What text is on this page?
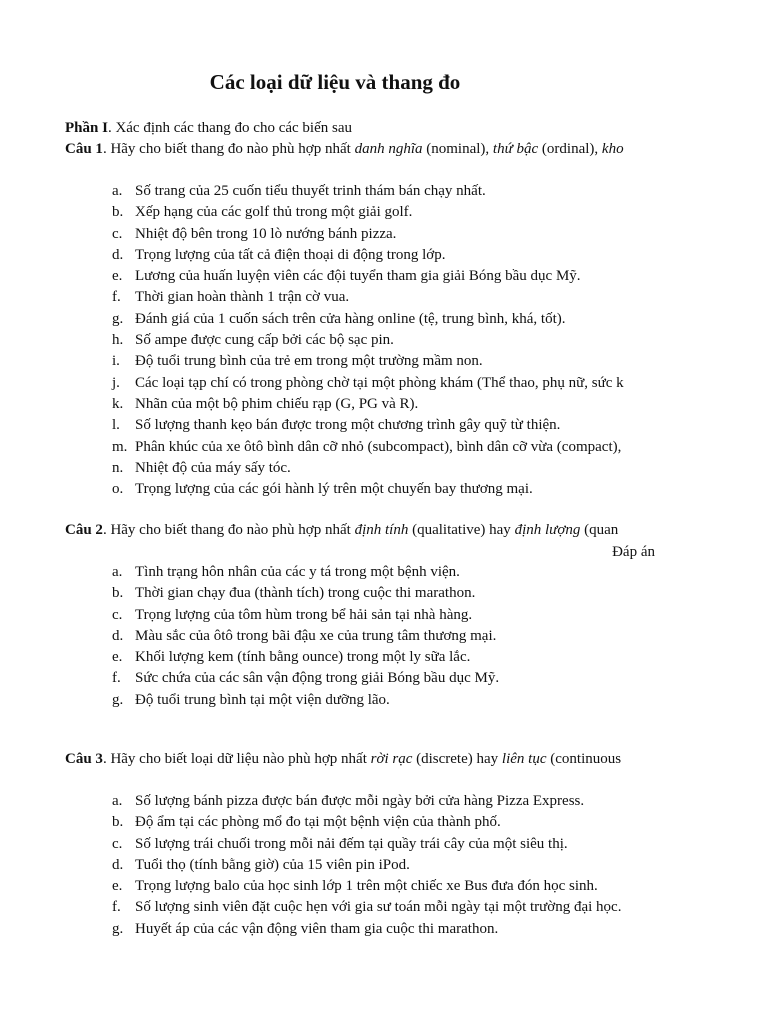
Các loại dữ liệu và thang đo
Phần I. Xác định các thang đo cho các biến sau
Câu 1. Hãy cho biết thang đo nào phù hợp nhất danh nghĩa (nominal), thứ bậc (ordinal), kho
a. Số trang của 25 cuốn tiểu thuyết trinh thám bán chạy nhất.
b. Xếp hạng của các golf thủ trong một giải golf.
c. Nhiệt độ bên trong 10 lò nướng bánh pizza.
d. Trọng lượng của tất cả điện thoại di động trong lớp.
e. Lương của huấn luyện viên các đội tuyển tham gia giải Bóng bầu dục Mỹ.
f. Thời gian hoàn thành 1 trận cờ vua.
g. Đánh giá của 1 cuốn sách trên cửa hàng online (tệ, trung bình, khá, tốt).
h. Số ampe được cung cấp bởi các bộ sạc pin.
i.	Độ tuổi trung bình của trẻ em trong một trường mầm non.
j.	Các loại tạp chí có trong phòng chờ tại một phòng khám (Thể thao, phụ nữ, sức k
k. Nhãn của một bộ phim chiếu rạp (G, PG và R).
l.	Số lượng thanh kẹo bán được trong một chương trình gây quỹ từ thiện.
m. Phân khúc của xe ôtô bình dân cỡ nhỏ (subcompact), bình dân cỡ vừa (compact),
n. Nhiệt độ của máy sấy tóc.
o. Trọng lượng của các gói hành lý trên một chuyến bay thương mại.
Câu 2. Hãy cho biết thang đo nào phù hợp nhất định tính (qualitative) hay định lượng (quan
Đáp án
a. Tình trạng hôn nhân của các y tá trong một bệnh viện.
b. Thời gian chạy đua (thành tích) trong cuộc thi marathon.
c. Trọng lượng của tôm hùm trong bể hải sản tại nhà hàng.
d. Màu sắc của ôtô trong bãi đậu xe của trung tâm thương mại.
e. Khối lượng kem (tính bằng ounce) trong một ly sữa lắc.
f. Sức chứa của các sân vận động trong giải Bóng bầu dục Mỹ.
g. Độ tuổi trung bình tại một viện dưỡng lão.
Câu 3. Hãy cho biết loại dữ liệu nào phù hợp nhất rời rạc (discrete) hay liên tục (continuous
a. Số lượng bánh pizza được bán được mỗi ngày bởi cửa hàng Pizza Express.
b. Độ ẩm tại các phòng mổ đo tại một bệnh viện của thành phố.
c. Số lượng trái chuối trong mỗi nải đếm tại quầy trái cây của một siêu thị.
d. Tuổi thọ (tính bằng giờ) của 15 viên pin iPod.
e. Trọng lượng balo của học sinh lớp 1 trên một chiếc xe Bus đưa đón học sinh.
f. Số lượng sinh viên đặt cuộc hẹn với gia sư toán mỗi ngày tại một trường đại học.
g. Huyết áp của các vận động viên tham gia cuộc thi marathon.
